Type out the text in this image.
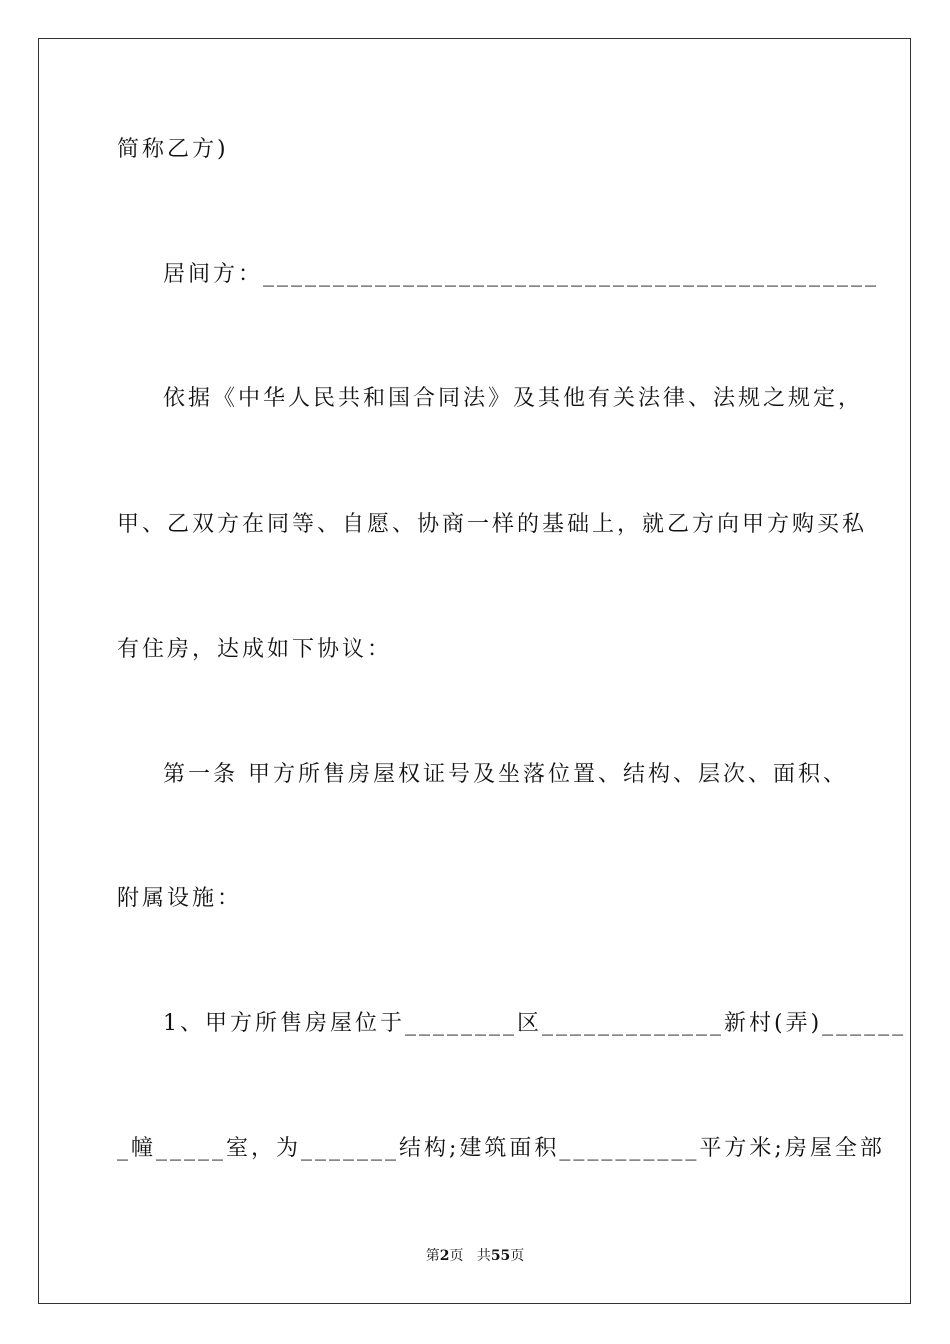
简称乙方)
居间方：____________________________________________
依据《中华人民共和国合同法》及其他有关法律、法规之规定，
甲、乙双方在同等、自愿、协商一样的基础上，就乙方向甲方购买私
有住房，达成如下协议：
第一条 甲方所售房屋权证号及坐落位置、结构、层次、面积、
附属设施：
1、甲方所售房屋位于________区_____________新村(弄)______
_幢_____室，为_______结构;建筑面积__________平方米;房屋全部
第2页 共55页
